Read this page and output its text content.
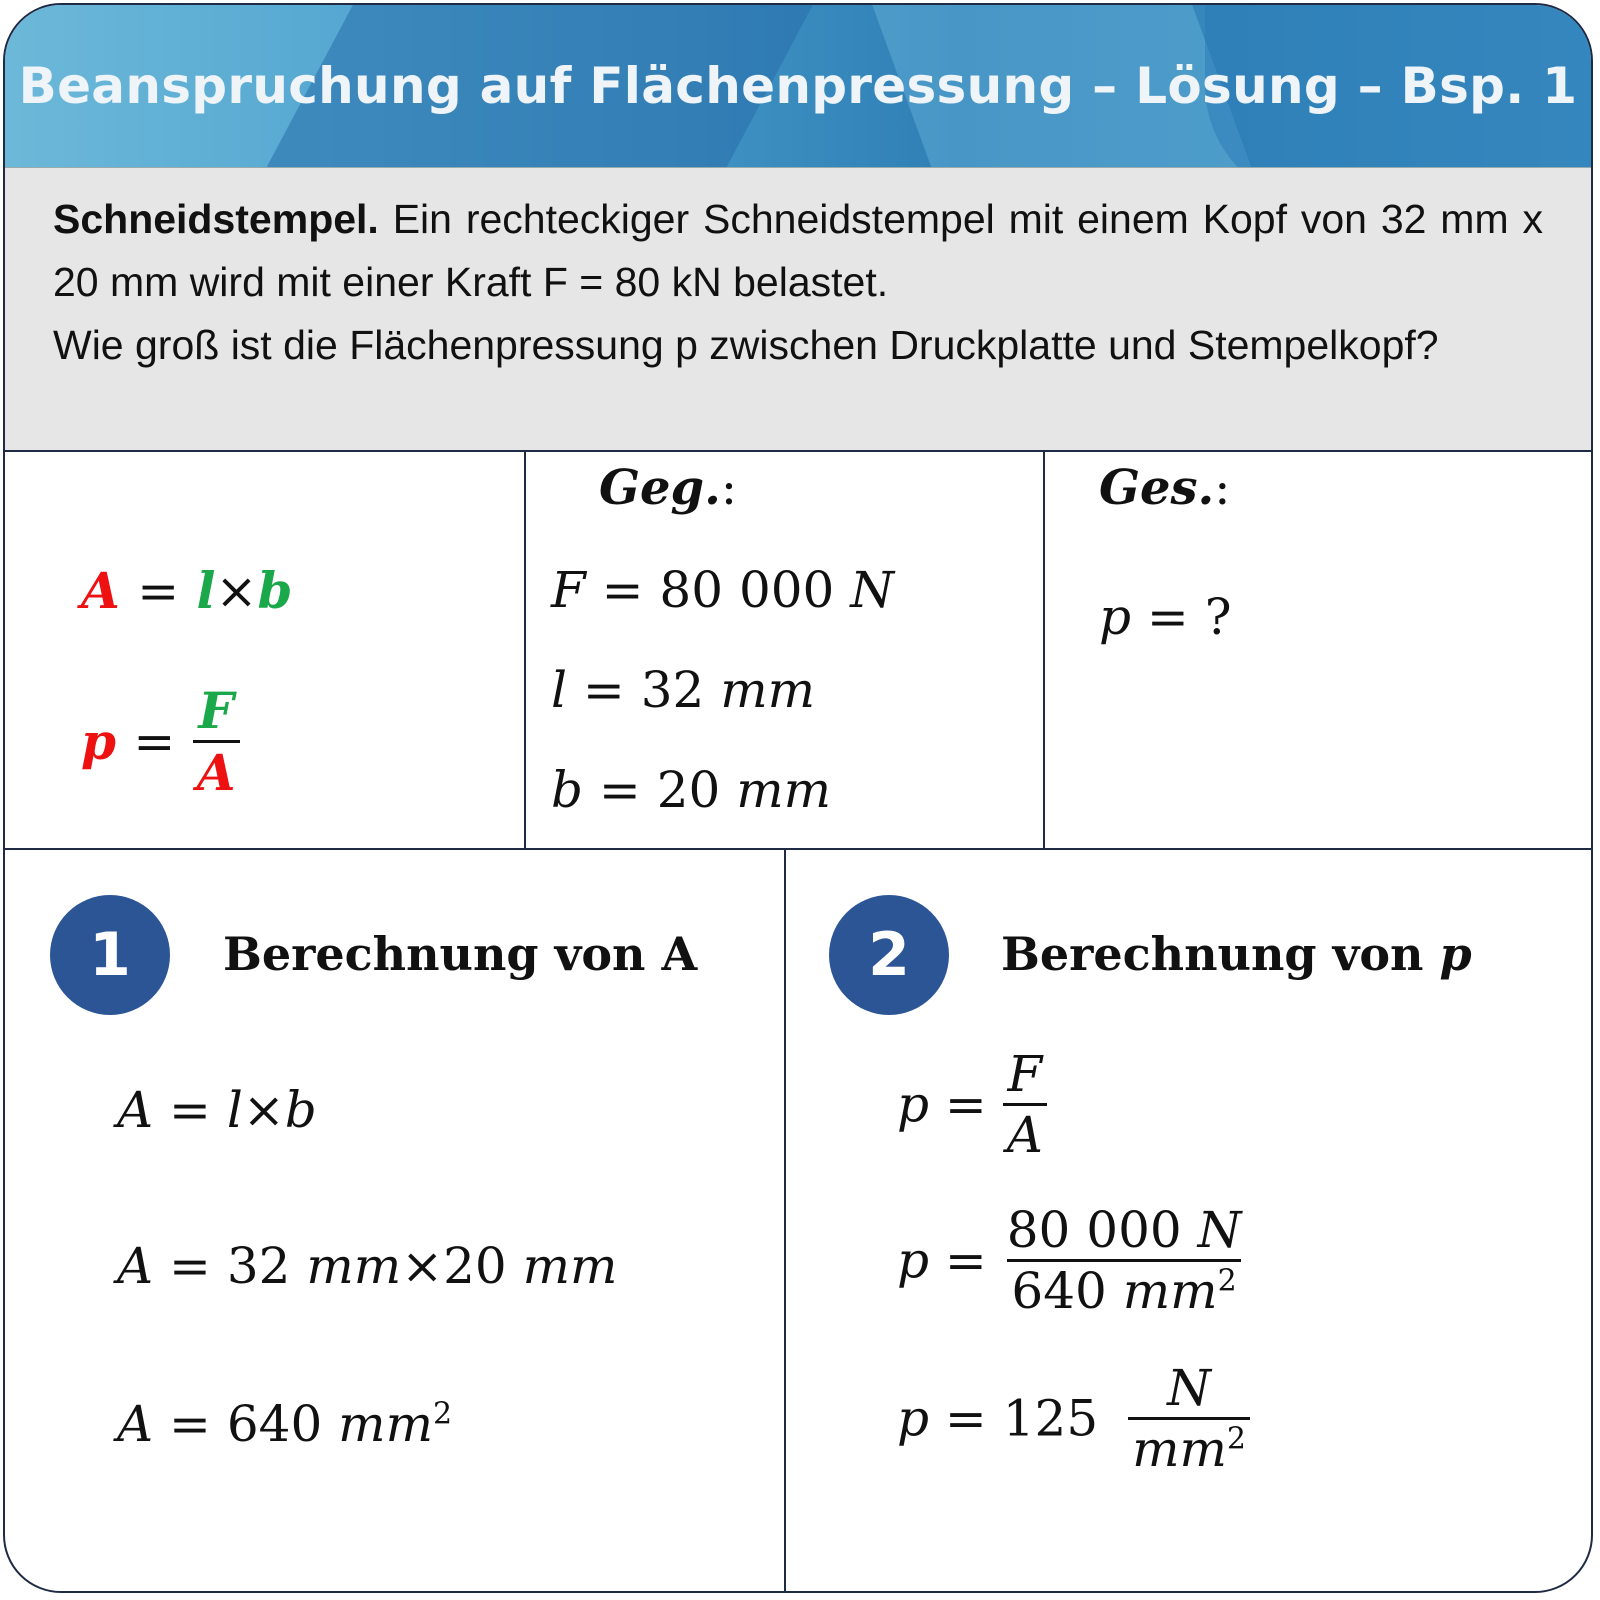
Beanspruchung auf Flächenpressung – Lösung – Bsp. 1
Schneidstempel. Ein rechteckiger Schneidstempel mit einem Kopf von 32 mm x 20 mm wird mit einer Kraft F = 80 kN belastet.
Wie groß ist die Flächenpressung p zwischen Druckplatte und Stempelkopf?
A = l×b
$p = \frac{F}{A}$
Geg.:
F = 80 000 N
l = 32 mm
b = 20 mm
Ges.:
p = ?
1	Berechnung von A
A = l×b
A = 32 mm×20 mm
A = 640 $mm^2$
2	Berechnung von p
$p = \frac{F}{A}$
$p = \frac{80 000 N}{640 mm^2}$
$p = 125 \frac{N}{mm^2}$
